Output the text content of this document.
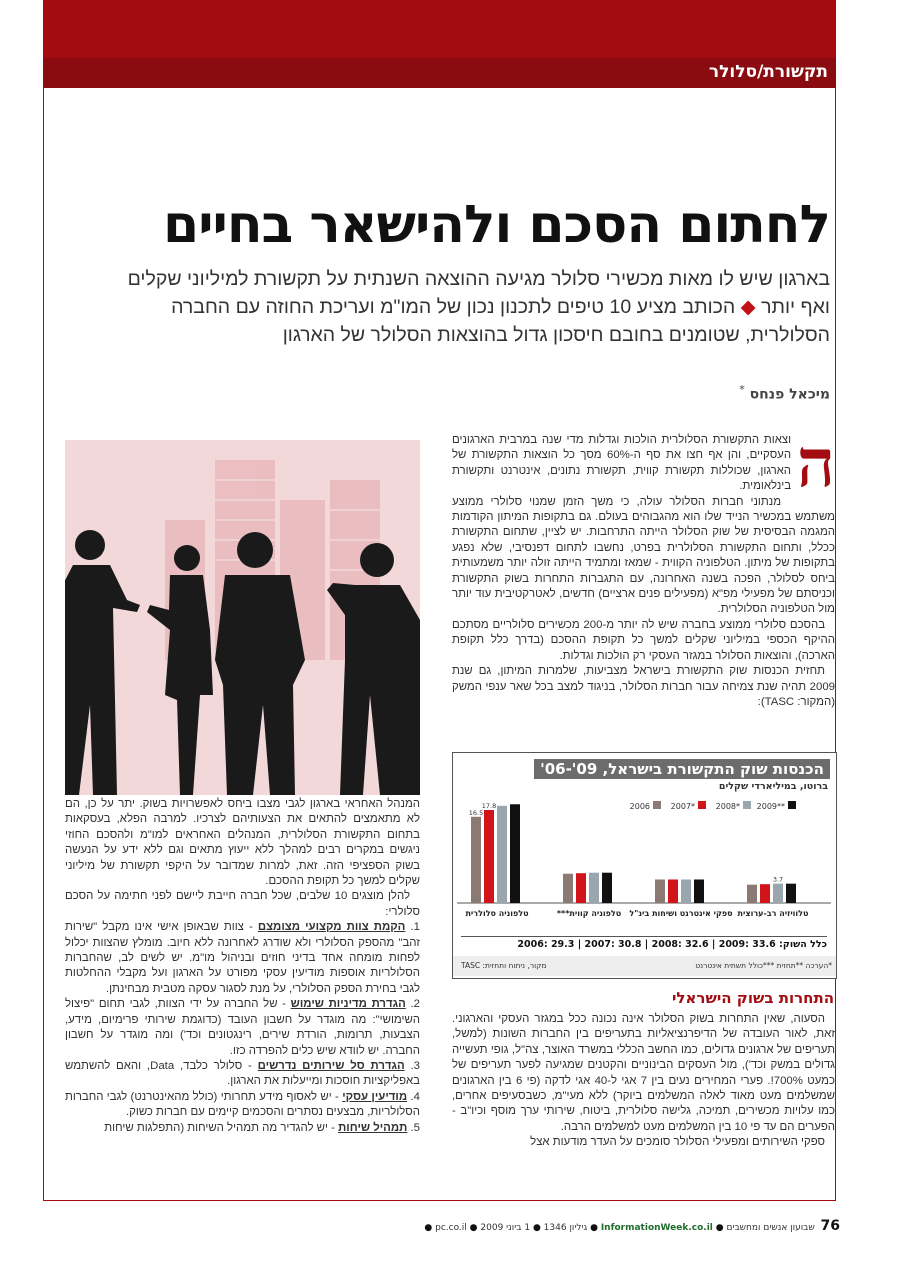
תקשורת/סלולר
לחתום הסכם ולהישאר בחיים
בארגון שיש לו מאות מכשירי סלולר מגיעה ההוצאה השנתית על תקשורת למיליוני שקלים
ואף יותר ◆ הכותב מציע 10 טיפים לתכנון נכון של המו"מ ועריכת החוזה עם החברה
הסלולרית, שטומנים בחובם חיסכון גדול בהוצאות הסלולר של הארגון
מיכאל פנחס *
ה

וצאות התקשורת הסלולרית הולכות וגדלות מדי שנה במרבית הארגונים העסקיים, והן אף חצו את סף ה-60% מסך כל הוצאות התקשורת של הארגון, שכוללות תקשורת קווית, תקשורת נתונים, אינטרנט ותקשורת בינלאומית.

מנתוני חברות הסלולר עולה, כי משך הזמן שמנוי סלולרי ממוצע משתמש במכשיר הנייד שלו הוא מהגבוהים בעולם. גם בתקופות המיתון הקודמות המגמה הבסיסית של שוק הסלולר הייתה התרחבות. יש לציין, שתחום התקשורת ככלל, ותחום התקשורת הסלולרית בפרט, נחשבו לתחום דפנסיבי, שלא נפגע בתקופות של מיתון. הטלפוניה הקווית - שמאז ומתמיד הייתה זולה יותר משמעותית ביחס לסלולר, הפכה בשנה האחרונה, עם התגברות התחרות בשוק התקשורת וכניסתם של מפעילי מפ"א (מפעילים פנים ארציים) חדשים, לאטרקטיבית עוד יותר מול הטלפוניה הסלולרית.

בהסכם סלולרי ממוצע בחברה שיש לה יותר מ-200 מכשירים סלולריים מסתכם ההיקף הכספי במיליוני שקלים למשך כל תקופת ההסכם (בדרך כלל תקופת הארכה), והוצאות הסלולר במגזר העסקי רק הולכות וגדלות.

תחזית הכנסות שוק התקשורת בישראל מצביעות, שלמרות המיתון, גם שנת 2009 תהיה שנת צמיחה עבור חברות הסלולר, בניגוד למצב בכל שאר ענפי המשק (המקור: TASC):

המנהל האחראי בארגון לגבי מצבו ביחס לאפשרויות בשוק. יתר על כן, הם לא מתאמצים להתאים את הצעותיהם לצרכיו. למרבה הפלא, בעסקאות בתחום התקשורת הסלולרית, המנהלים האחראים למו"מ ולהסכם החוזי ניגשים במקרים רבים למהלך ללא ייעוץ מתאים וגם ללא ידע על הנעשה בשוק הספציפי הזה. זאת, למרות שמדובר על היקפי תקשורת של מיליוני שקלים למשך כל תקופת ההסכם.

להלן מוצגים 10 שלבים, שכל חברה חייבת ליישם לפני חתימה על הסכם סלולרי:

1. הקמת צוות מקצועי מצומצם - צוות שבאופן אישי אינו מקבל "שירות זהב" מהספק הסלולרי ולא שודרג לאחרונה ללא חיוב. מומלץ שהצוות יכלול לפחות מומחה אחד בדיני חוזים ובניהול מו"מ. יש לשים לב, שהחברות הסלולריות אוספות מודיעין עסקי מפורט על הארגון ועל מקבלי ההחלטות לגבי בחירת הספק הסלולרי, על מנת לסגור עסקה מטבית מבחינתן.

2. הגדרת מדיניות שימוש - של החברה על ידי הצוות, לגבי תחום "פיצול השימושי": מה מוגדר על חשבון העובד (כדוגמת שירותי פרימיום, מידע, הצבעות, תרומות, הורדת שירים, רינגטונים וכד') ומה מוגדר על חשבון החברה. יש לוודא שיש כלים להפרדה כזו.

3. הגדרת סל שירותים נדרשים - סלולר כלבד, Data, והאם להשתמש באפליקציות חוסכות ומייעלות את הארגון.

4. מודיעין עסקי - יש לאסוף מידע תחרותי (כולל מהאינטרנט) לגבי החברות הסלולריות, מבצעים נסתרים והסכמים קיימים עם חברות כשוק.

5. תמהיל שיחות - יש להגדיר מה תמהיל השיחות (התפלגות שיחות

הכנסות שוק התקשורת בישראל, 09'-06'
ברוטו, במיליארדי שקלים
2006	2007*	2008* 2009**
16.5
17.8
טלפוניה סלולרית	טלפוניה קווית*** ספקי אינטרנט ושיחות בינ"ל
3.7
טלוויזיה רב-ערוצית
כלל השוק: 33.6 :2009 | 32.6 :2008 | 30.8 :2007 | 29.3 :2006
*הערכה **תחזית ***כולל תשתית אינטרנט
מקור, ניתוח ותחזית: TASC
התחרות בשוק הישראלי

הסעוה, שאין התחרות בשוק הסלולר אינה נכונה ככל במגזר העסקי והארגוני. זאת, לאור העובדה של הדיפרנציאליות בתעריפים בין החברות השונות (למשל, תעריפים של ארגונים גדולים, כמו החשב הכללי במשרד האוצר, צה"ל, גופי תעשייה גדולים במשק וכד'), מול העסקים הבינוניים והקטנים שמגיעה לפער תעריפים של כמעט 700%!. פערי המחירים נעים בין 7 אגי ל-40 אגי לדקה (פי 6 בין הארגונים שמשלמים מעט מאוד לאלה המשלמים ביוקר) ללא מעי"מ, כשבסעיפים אחרים, כמו עלויות מכשירים, תמיכה, גלישה סלולרית, ביטוח, שירותי ערך מוסף וכיו"ב - הפערים הם עד פי 10 בין המשלמים מעט למשלמים הרבה.

ספקי השירותים ומפעילי הסלולר סומכים על העדר מודעות אצל

76  שבועון אנשים ומחשבים ● InformationWeek.co.il ● גיליון 1346 ● 1 ביוני 2009 ● pc.co.il ●
